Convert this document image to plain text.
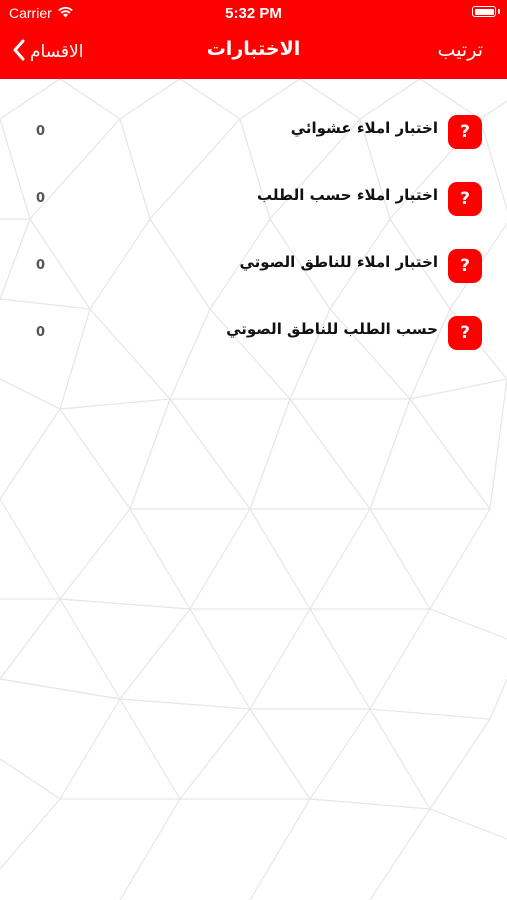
Carrier	5:32 PM
الاقسام	الاختبارات	ترتيب
0	اختبار املاء عشوائي	?
0	اختبار املاء حسب الطلب	?
0	اختبار املاء للناطق الصوتي	?
0	حسب الطلب للناطق الصوتي	?
